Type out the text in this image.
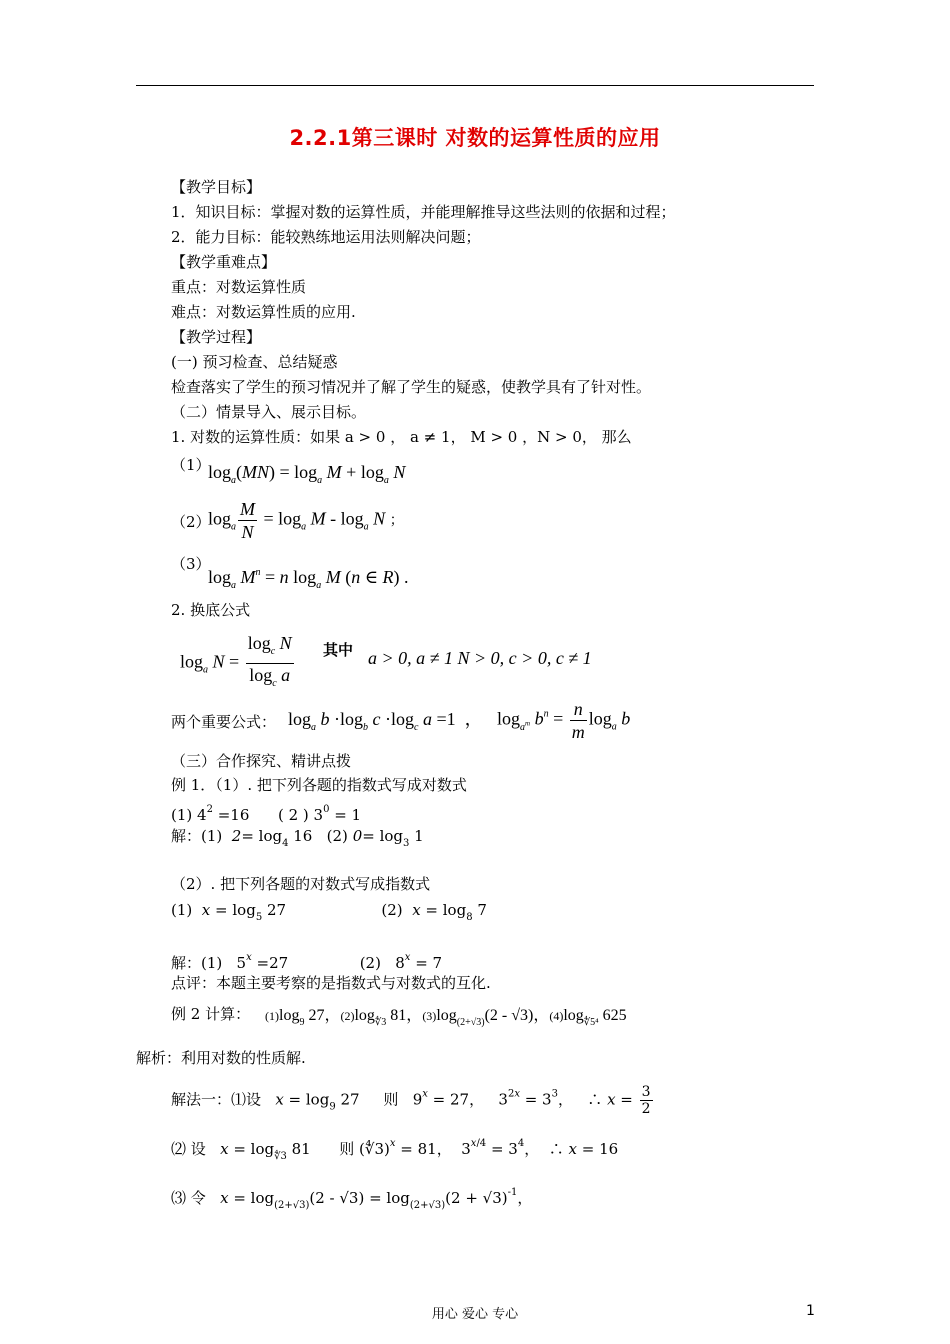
2.2.1第三课时 对数的运算性质的应用
【教学目标】
1．知识目标：掌握对数的运算性质，并能理解推导这些法则的依据和过程；
2．能力目标：能较熟练地运用法则解决问题；
【教学重难点】
重点：对数运算性质
难点：对数运算性质的应用.
【教学过程】
(一) 预习检查、总结疑惑
检查落实了学生的预习情况并了解了学生的疑惑，使教学具有了针对性。
（二）情景导入、展示目标。
1. 对数的运算性质：如果 a > 0 ， a ≠ 1， M > 0 ，N > 0， 那么
（1）
$\log_a(MN) = \log_a M + \log_a N$
（2）
$\log_a \frac{M}{N} = \log_a M - \log_a N$ ；
（3）
$\log_a M^n = n$ $\log_a M$ (n ∈ R) .
2. 换底公式
$\log_a N = \frac{\log_c N}{\log_c a}$ 其中 a > 0, a ≠ 1 N > 0, c > 0, c ≠ 1
两个重要公式： $\log_a b \cdot\log_b$ $c \cdot\log_c$ a =1  ， $\log_{a^m} b^n = \frac{n}{m} \log_a b$
（三）合作探究、精讲点拨
例 1．（1）. 把下列各题的指数式写成对数式
(1) $4^2 =16$      ( 2 ) $3^0 = 1$
解：(1)  $2= \log_4 16$   (2) $0= \log_3 1$
（2）. 把下列各题的对数式写成指数式
(1)  $x = \log_5 27$                    (2)  $x = \log_8 7$
解：(1)   $5^x =27$               (2)   $8^x = 7$
点评：本题主要考察的是指数式与对数式的互化.
例 2 计算： $(1)\log_9$ 27，$(2)\log_{∜3}$ 81，$(3)\log_{(2+√3)}(2 - √3)$，$(4)\log_{∜5^4}$ 625
解析：利用对数的性质解.
解法一：⑴设   $x = \log_9 27$     则   $9^x = 27$，   $3^{2x} = 3^3$，   ∴ $x = \frac{3}{2}$
⑵ 设   $x = \log_{∜3} 81$      则 (∜3)$^x$ = 81，  $3^{x/4} = 3^4$，  ∴ x = 16
⑶ 令   $x = \log_{(2+√3)}(2 - √3) = \log_{(2+√3)}(2 + √3)^{-1}$，
用心 爱心 专心	1
